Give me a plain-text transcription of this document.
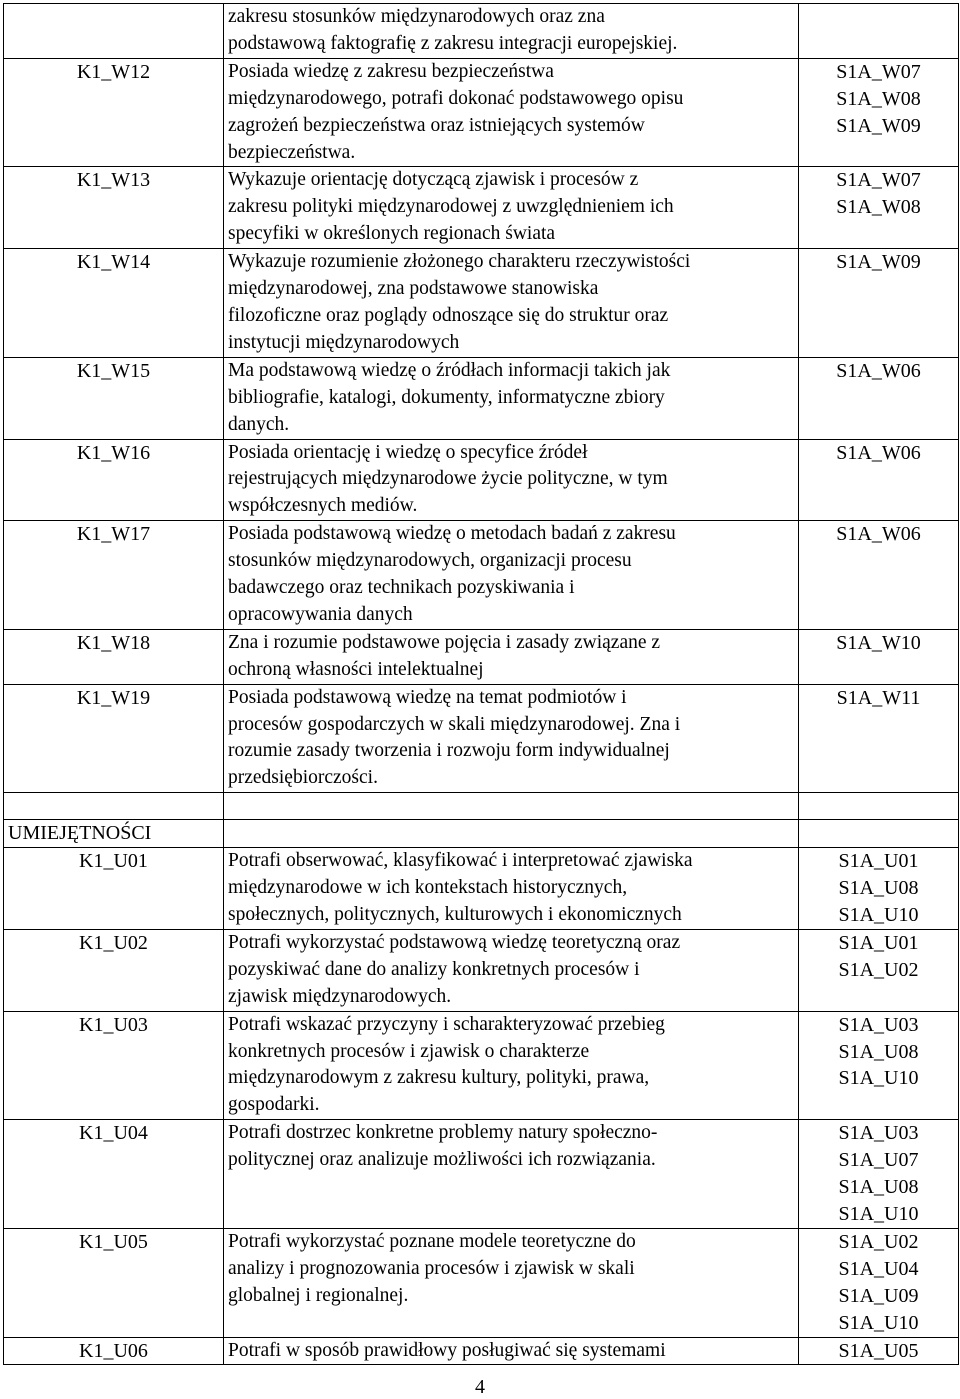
	zakresu stosunków międzynarodowych oraz zna
podstawową faktografię z zakresu integracji europejskiej.	

K1_W12	Posiada wiedzę z zakresu bezpieczeństwa
międzynarodowego, potrafi dokonać podstawowego opisu
zagrożeń bezpieczeństwa oraz istniejących systemów
bezpieczeństwa.	S1A_W07
S1A_W08
S1A_W09

K1_W13	Wykazuje orientację dotyczącą zjawisk i procesów z
zakresu polityki międzynarodowej z uwzględnieniem ich
specyfiki w określonych regionach świata	S1A_W07
S1A_W08

K1_W14	Wykazuje rozumienie złożonego charakteru rzeczywistości
międzynarodowej, zna podstawowe stanowiska
filozoficzne oraz poglądy odnoszące się do struktur oraz
instytucji międzynarodowych	S1A_W09

K1_W15	Ma podstawową wiedzę o źródłach informacji takich jak
bibliografie, katalogi, dokumenty, informatyczne zbiory
danych.	S1A_W06

K1_W16	Posiada orientację i wiedzę o specyfice źródeł
rejestrujących międzynarodowe życie polityczne, w tym
współczesnych mediów.	S1A_W06

K1_W17	Posiada podstawową wiedzę o metodach badań z zakresu
stosunków międzynarodowych, organizacji procesu
badawczego oraz technikach pozyskiwania i
opracowywania danych	S1A_W06

K1_W18	Zna i rozumie podstawowe pojęcia i zasady związane z
ochroną własności intelektualnej	S1A_W10

K1_W19	Posiada podstawową wiedzę na temat podmiotów i
procesów gospodarczych w skali międzynarodowej. Zna i
rozumie zasady tworzenia i rozwoju form indywidualnej
przedsiębiorczości.	S1A_W11

UMIEJĘTNOŚCI		
K1_U01	Potrafi obserwować, klasyfikować i interpretować zjawiska
międzynarodowe w ich kontekstach historycznych,
społecznych, politycznych, kulturowych i ekonomicznych	S1A_U01
S1A_U08
S1A_U10

K1_U02	Potrafi wykorzystać podstawową wiedzę teoretyczną oraz
pozyskiwać dane do analizy konkretnych procesów i
zjawisk międzynarodowych.	S1A_U01
S1A_U02

K1_U03	Potrafi wskazać przyczyny i scharakteryzować przebieg
konkretnych procesów i zjawisk o charakterze
międzynarodowym z zakresu kultury, polityki, prawa,
gospodarki.	S1A_U03
S1A_U08
S1A_U10

K1_U04	Potrafi dostrzec konkretne problemy natury społeczno-
politycznej oraz analizuje możliwości ich rozwiązania.	S1A_U03
S1A_U07
S1A_U08
S1A_U10

K1_U05	Potrafi wykorzystać poznane modele teoretyczne do
analizy i prognozowania procesów i zjawisk w skali
globalnej i regionalnej.	S1A_U02
S1A_U04
S1A_U09
S1A_U10

K1_U06	Potrafi w sposób prawidłowy posługiwać się systemami	S1A_U05
4
